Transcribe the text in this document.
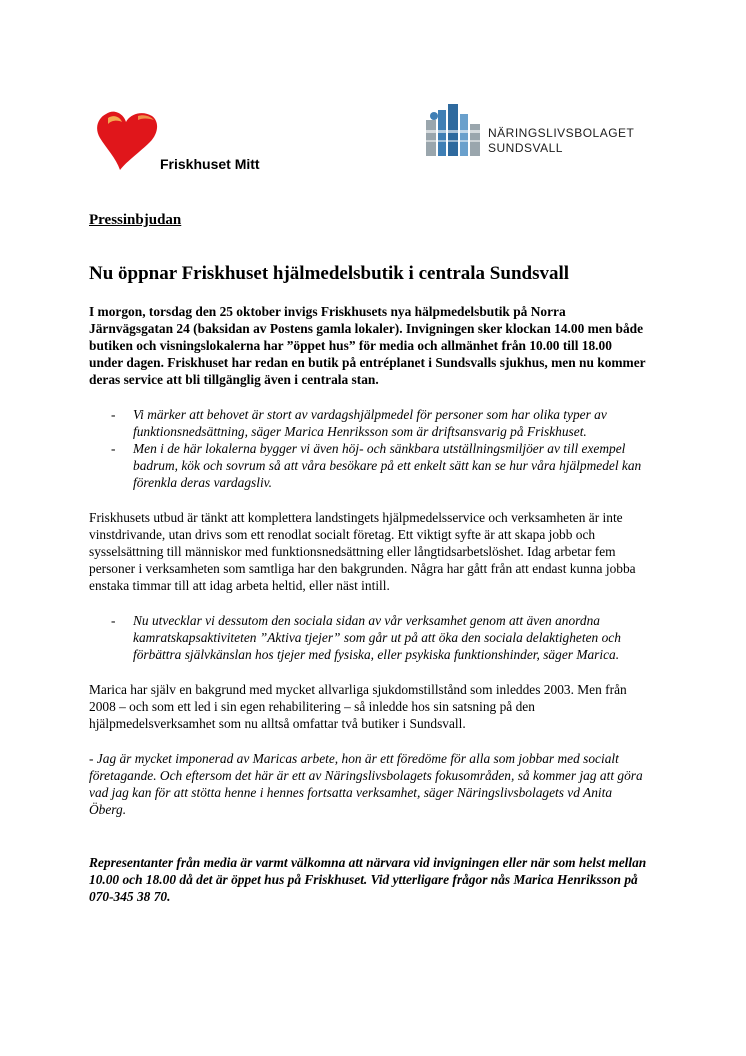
Friskhuset Mitt
NÄRINGSLIVSBOLAGET
SUNDSVALL

Pressinbjudan

Nu öppnar Friskhuset hjälmedelsbutik i centrala Sundsvall

I morgon, torsdag den 25 oktober invigs Friskhusets nya hälpmedelsbutik på Norra Järnvägsgatan 24 (baksidan av Postens gamla lokaler). Invigningen sker klockan 14.00 men både butiken och visningslokalerna har ”öppet hus” för media och allmänhet från 10.00 till 18.00 under dagen. Friskhuset har redan en butik på entréplanet i Sundsvalls sjukhus, men nu kommer deras service att bli tillgänglig även i centrala stan.

- Vi märker att behovet är stort av vardagshjälpmedel för personer som har olika typer av funktionsnedsättning, säger Marica Henriksson som är driftsansvarig på Friskhuset.
- Men i de här lokalerna bygger vi även höj- och sänkbara utställningsmiljöer av till exempel badrum, kök och sovrum så att våra besökare på ett enkelt sätt kan se hur våra hjälpmedel kan förenkla deras vardagsliv.

Friskhusets utbud är tänkt att komplettera landstingets hjälpmedelsservice och verksamheten är inte vinstdrivande, utan drivs som ett renodlat socialt företag. Ett viktigt syfte är att skapa jobb och sysselsättning till människor med funktionsnedsättning eller långtidsarbetslöshet. Idag arbetar fem personer i verksamheten som samtliga har den bakgrunden. Några har gått från att endast kunna jobba enstaka timmar till att idag arbeta heltid, eller näst intill.

- Nu utvecklar vi dessutom den sociala sidan av vår verksamhet genom att även anordna kamratskapsaktiviteten ”Aktiva tjejer” som går ut på att öka den sociala delaktigheten och förbättra självkänslan hos tjejer med fysiska, eller psykiska funktionshinder, säger Marica.

Marica har själv en bakgrund med mycket allvarliga sjukdomstillstånd som inleddes 2003. Men från 2008 – och som ett led i sin egen rehabilitering – så inledde hos sin satsning på den hjälpmedelsverksamhet som nu alltså omfattar två butiker i Sundsvall.

- Jag är mycket imponerad av Maricas arbete, hon är ett föredöme för alla som jobbar med socialt företagande. Och eftersom det här är ett av Näringslivsbolagets fokusområden, så kommer jag att göra vad jag kan för att stötta henne i hennes fortsatta verksamhet, säger Näringslivsbolagets vd Anita Öberg.

Representanter från media är varmt välkomna att närvara vid invigningen eller när som helst mellan 10.00 och 18.00 då det är öppet hus på Friskhuset. Vid ytterligare frågor nås Marica Henriksson på 070-345 38 70.
